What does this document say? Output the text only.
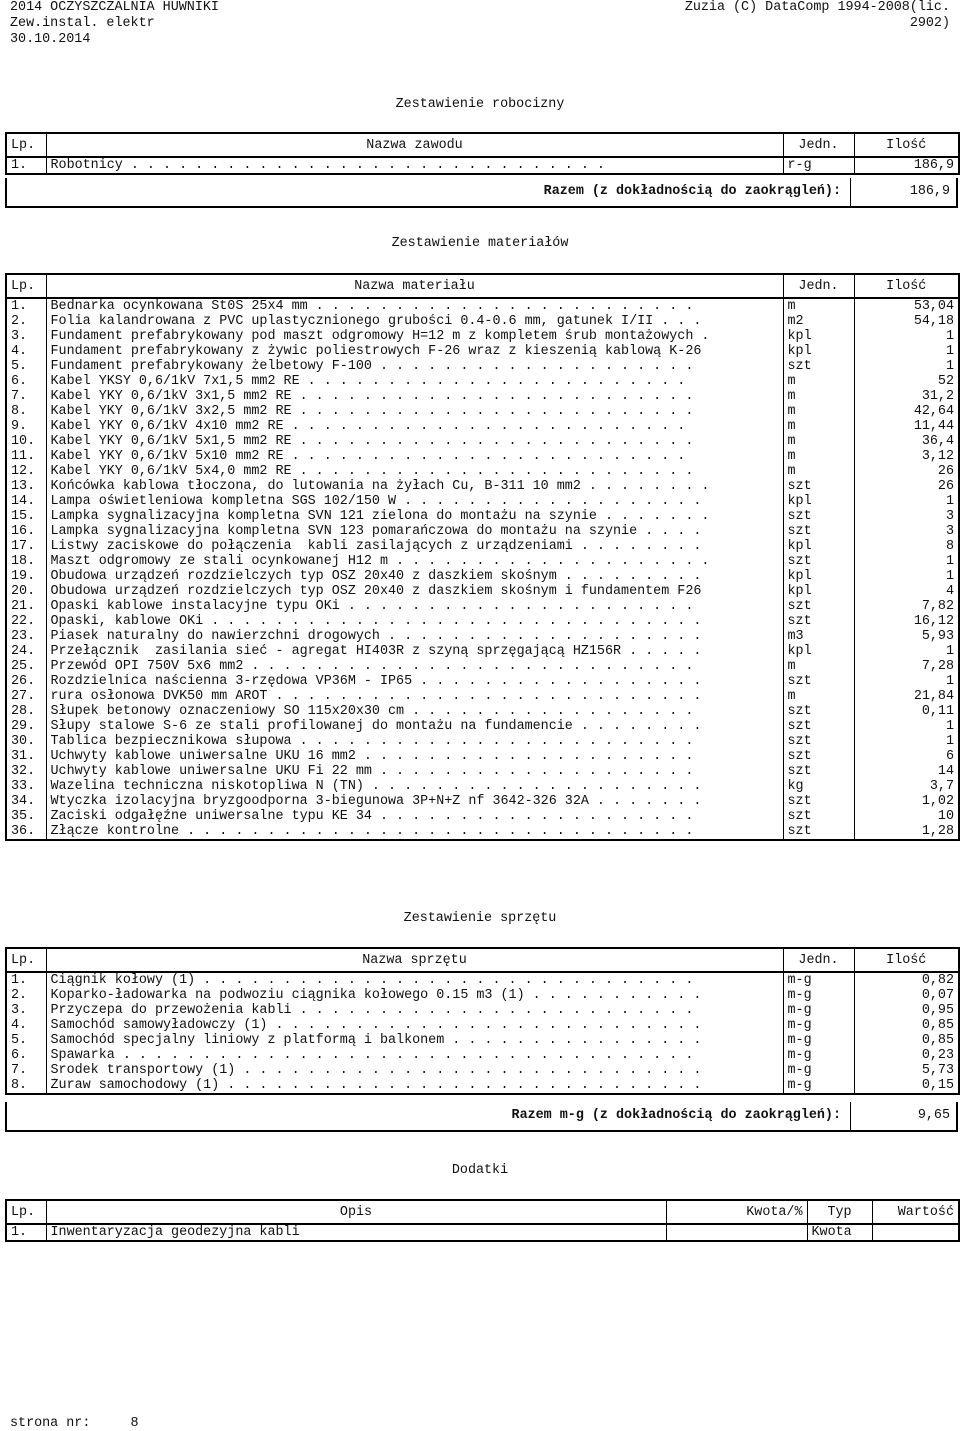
2014 OCZYSZCZALNIA HUWNIKI
Zew.instal. elektr
30.10.2014
Zuzia (C) DataComp 1994-2008(lic.
2902)
Zestawienie robocizny
Lp.	Nazwa zawodu	Jedn.	Ilość
1.	Robotnicy . . . . . . . . . . . . . . . . . . . . . . . . . . . . . .	r-g	186,9
Razem (z dokładnością do zaokrągleń):	186,9
Zestawienie materiałów
Lp.	Nazwa materiału	Jedn.	Ilość
1.	Bednarka ocynkowana St0S 25x4 mm . . . . . . . . . . . . . . . . . . . . . . . .	m	53,04
2.	Folia kalandrowana z PVC uplastycznionego grubości 0.4-0.6 mm, gatunek I/II . . .	m2	54,18
3.	Fundament prefabrykowany pod maszt odgromowy H=12 m z kompletem śrub montażowych .	kpl	1
4.	Fundament prefabrykowany z żywic poliestrowych F-26 wraz z kieszenią kablową K-26	kpl	1
5.	Fundament prefabrykowany żelbetowy F-100 . . . . . . . . . . . . . . . . . . . .	szt	1
6.	Kabel YKSY 0,6/1kV 7x1,5 mm2 RE . . . . . . . . . . . . . . . . . . . . . . . .	m	52
7.	Kabel YKY 0,6/1kV 3x1,5 mm2 RE . . . . . . . . . . . . . . . . . . . . . . . . .	m	31,2
8.	Kabel YKY 0,6/1kV 3x2,5 mm2 RE . . . . . . . . . . . . . . . . . . . . . . . . .	m	42,64
9.	Kabel YKY 0,6/1kV 4x10 mm2 RE . . . . . . . . . . . . . . . . . . . . . . . . .	m	11,44
10.	Kabel YKY 0,6/1kV 5x1,5 mm2 RE . . . . . . . . . . . . . . . . . . . . . . . . .	m	36,4
11.	Kabel YKY 0,6/1kV 5x10 mm2 RE . . . . . . . . . . . . . . . . . . . . . . . . .	m	3,12
12.	Kabel YKY 0,6/1kV 5x4,0 mm2 RE . . . . . . . . . . . . . . . . . . . . . . . . .	m	26
13.	Końcówka kablowa tłoczona, do lutowania na żyłach Cu, B-311 10 mm2 . . . . . . . .	szt	26
14.	Lampa oświetleniowa kompletna SGS 102/150 W . . . . . . . . . . . . . . . . . . .	kpl	1
15.	Lampka sygnalizacyjna kompletna SVN 121 zielona do montażu na szynie . . . . . . .	szt	3
16.	Lampka sygnalizacyjna kompletna SVN 123 pomarańczowa do montażu na szynie . . . .	szt	3
17.	Listwy zaciskowe do połączenia  kabli zasilających z urządzeniami . . . . . . . .	kpl	8
18.	Maszt odgromowy ze stali ocynkowanej H12 m . . . . . . . . . . . . . . . . . . . .	szt	1
19.	Obudowa urządzeń rozdzielczych typ OSZ 20x40 z daszkiem skośnym . . . . . . . . .	kpl	1
20.	Obudowa urządzeń rozdzielczych typ OSZ 20x40 z daszkiem skośnym i fundamentem F26	kpl	4
21.	Opaski kablowe instalacyjne typu OKi . . . . . . . . . . . . . . . . . . . . . .	szt	7,82
22.	Opaski, kablowe OKi . . . . . . . . . . . . . . . . . . . . . . . . . . . . . . .	szt	16,12
23.	Piasek naturalny do nawierzchni drogowych . . . . . . . . . . . . . . . . . . . .	m3	5,93
24.	Przełącznik  zasilania sieć - agregat HI403R z szyną sprzęgającą HZ156R . . . . .	kpl	1
25.	Przewód OPI 750V 5x6 mm2 . . . . . . . . . . . . . . . . . . . . . . . . . . . .	m	7,28
26.	Rozdzielnica naścienna 3-rzędowa VP36M - IP65 . . . . . . . . . . . . . . . . . .	szt	1
27.	rura osłonowa DVK50 mm AROT . . . . . . . . . . . . . . . . . . . . . . . . . . .	m	21,84
28.	Słupek betonowy oznaczeniowy SO 115x20x30 cm . . . . . . . . . . . . . . . . . .	szt	0,11
29.	Słupy stalowe S-6 ze stali profilowanej do montażu na fundamencie . . . . . . . .	szt	1
30.	Tablica bezpiecznikowa słupowa . . . . . . . . . . . . . . . . . . . . . . . . .	szt	1
31.	Uchwyty kablowe uniwersalne UKU 16 mm2 . . . . . . . . . . . . . . . . . . . . .	szt	6
32.	Uchwyty kablowe uniwersalne UKU Fi 22 mm . . . . . . . . . . . . . . . . . . . .	szt	14
33.	Wazelina techniczna niskotopliwa N (TN) . . . . . . . . . . . . . . . . . . . . .	kg	3,7
34.	Wtyczka izolacyjna bryzgoodporna 3-biegunowa 3P+N+Z nf 3642-326 32A . . . . . . .	szt	1,02
35.	Zaciski odgałęźne uniwersalne typu KE 34 . . . . . . . . . . . . . . . . . . . .	szt	10
36.	Złącze kontrolne . . . . . . . . . . . . . . . . . . . . . . . . . . . . . . . .	szt	1,28
Zestawienie sprzętu
Lp.	Nazwa sprzętu	Jedn.	Ilość
1.	Ciągnik kołowy (1) . . . . . . . . . . . . . . . . . . . . . . . . . . . . . . .	m-g	0,82
2.	Koparko-ładowarka na podwoziu ciągnika kołowego 0.15 m3 (1) . . . . . . . . . . .	m-g	0,07
3.	Przyczepa do przewożenia kabli . . . . . . . . . . . . . . . . . . . . . . . . .	m-g	0,95
4.	Samochód samowyładowczy (1) . . . . . . . . . . . . . . . . . . . . . . . . . . .	m-g	0,85
5.	Samochód specjalny liniowy z platformą i balkonem . . . . . . . . . . . . . . . .	m-g	0,85
6.	Spawarka . . . . . . . . . . . . . . . . . . . . . . . . . . . . . . . . . . . .	m-g	0,23
7.	Środek transportowy (1) . . . . . . . . . . . . . . . . . . . . . . . . . . . . .	m-g	5,73
8.	Żuraw samochodowy (1) . . . . . . . . . . . . . . . . . . . . . . . . . . . . . .	m-g	0,15
Razem m-g (z dokładnością do zaokrągleń):	9,65
Dodatki
Lp.	Opis	Kwota/%	Typ	Wartość
1.	Inwentaryzacja geodezyjna kabli		Kwota	
strona nr:	8
